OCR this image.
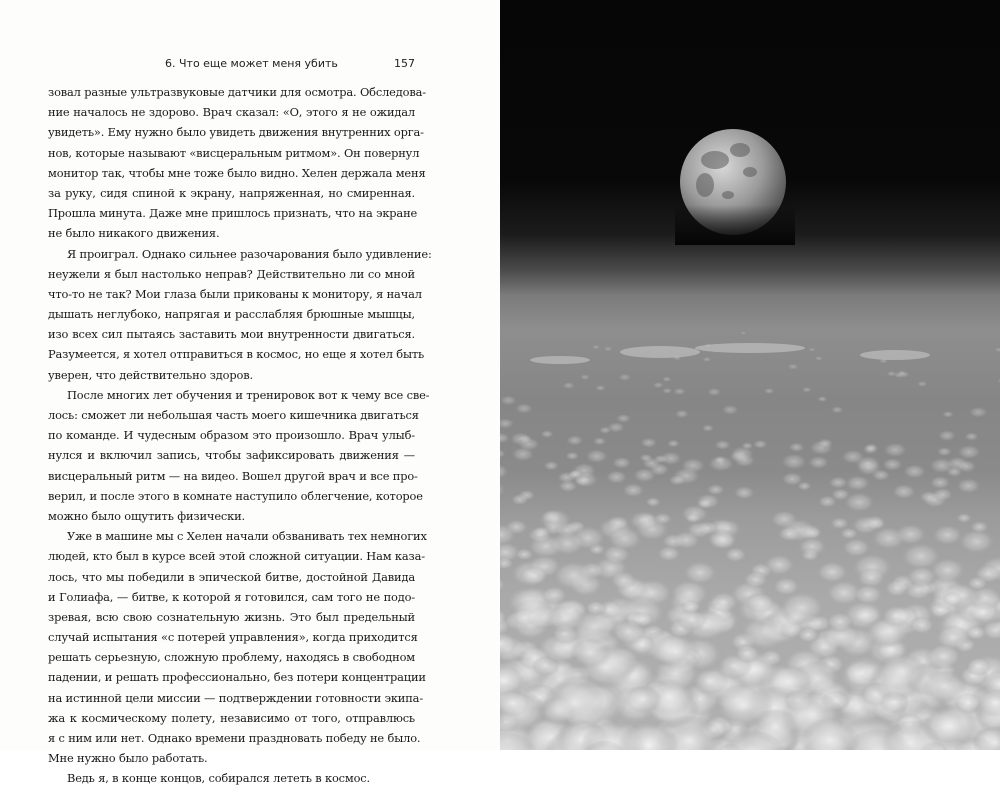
6. Что еще может меня убить	157
зовал разные ультразвуковые датчики для осмотра. Обследова-
ние началось не здорово. Врач сказал: «О, этого я не ожидал
увидеть». Ему нужно было увидеть движения внутренних орга-
нов, которые называют «висцеральным ритмом». Он повернул
монитор так, чтобы мне тоже было видно. Хелен держала меня
за руку, сидя спиной к экрану, напряженная, но смиренная.
Прошла минута. Даже мне пришлось признать, что на экране
не было никакого движения.
Я проиграл. Однако сильнее разочарования было удивление:
неужели я был настолько неправ? Действительно ли со мной
что-то не так? Мои глаза были прикованы к монитору, я начал
дышать неглубоко, напрягая и расслабляя брюшные мышцы,
изо всех сил пытаясь заставить мои внутренности двигаться.
Разумеется, я хотел отправиться в космос, но еще я хотел быть
уверен, что действительно здоров.
После многих лет обучения и тренировок вот к чему все све-
лось: сможет ли небольшая часть моего кишечника двигаться
по команде. И чудесным образом это произошло. Врач улыб-
нулся и включил запись, чтобы зафиксировать движения —
висцеральный ритм — на видео. Вошел другой врач и все про-
верил, и после этого в комнате наступило облегчение, которое
можно было ощутить физически.
Уже в машине мы с Хелен начали обзванивать тех немногих
людей, кто был в курсе всей этой сложной ситуации. Нам каза-
лось, что мы победили в эпической битве, достойной Давида
и Голиафа, — битве, к которой я готовился, сам того не подо-
зревая, всю свою сознательную жизнь. Это был предельный
случай испытания «с потерей управления», когда приходится
решать серьезную, сложную проблему, находясь в свободном
падении, и решать профессионально, без потери концентрации
на истинной цели миссии — подтверждении готовности экипа-
жа к космическому полету, независимо от того, отправлюсь
я с ним или нет. Однако времени праздновать победу не было.
Мне нужно было работать.
Ведь я, в конце концов, собирался лететь в космос.
